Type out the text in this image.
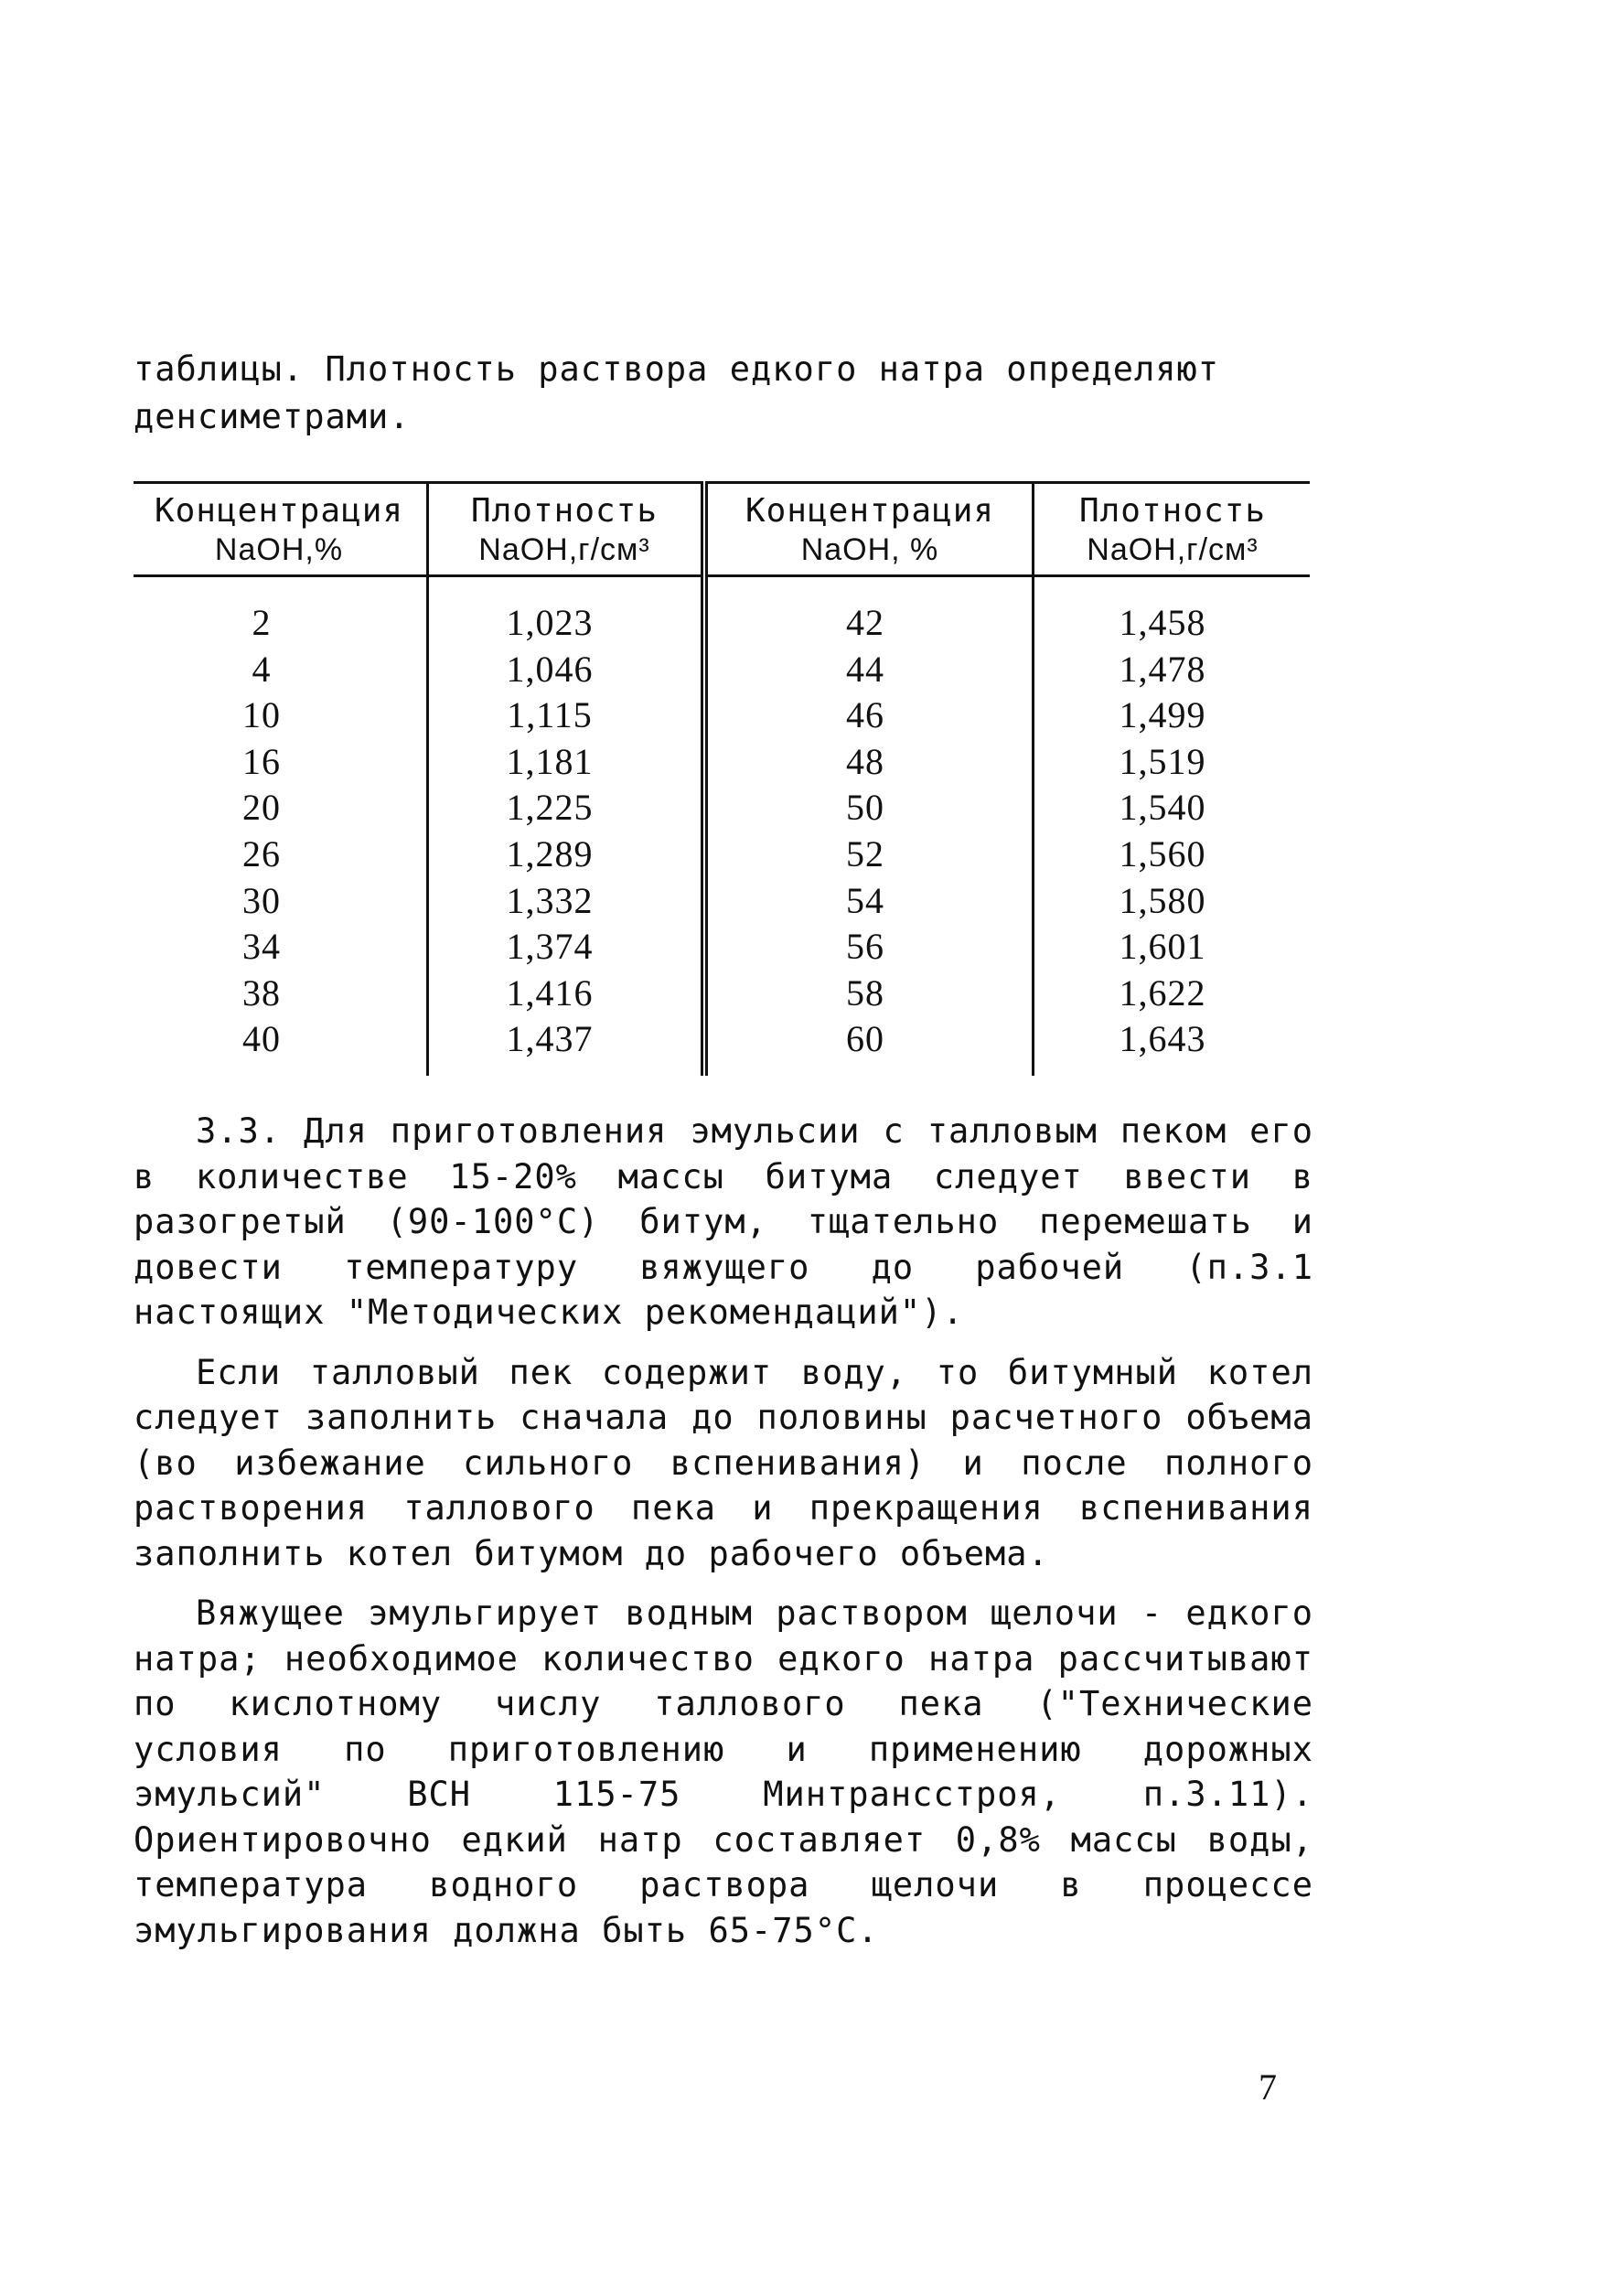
таблицы. Плотность раствора едкого натра определяют денсиметрами.

Концентрация
NaOH,%
Плотность
NaOH,г/см³
Концентрация
NaOH, %
Плотность
NaOH,г/см³
2
4
10
16
20
26
30
34
38
40
1,023
1,046
1,115
1,181
1,225
1,289
1,332
1,374
1,416
1,437
42
44
46
48
50
52
54
56
58
60
1,458
1,478
1,499
1,519
1,540
1,560
1,580
1,601
1,622
1,643

3.3. Для приготовления эмульсии с талловым пеком его в количестве 15-20% массы битума следует ввести в разогретый (90-100°С) битум, тщательно перемешать и довести температуру вяжущего до рабочей (п.3.1 настоящих "Методических рекомендаций").

Если талловый пек содержит воду, то битумный котел следует заполнить сначала до половины расчетного объема (во избежание сильного вспенивания) и после полного растворения таллового пека и прекращения вспенивания заполнить котел битумом до рабочего объема.

Вяжущее эмульгирует водным раствором щелочи - едкого натра; необходимое количество едкого натра рассчитывают по кислотному числу таллового пека ("Технические условия по приготовлению и применению дорожных эмульсий" ВСН 115-75 Минтрансстроя, п.3.11). Ориентировочно едкий натр составляет 0,8% массы воды, температура водного раствора щелочи в процессе эмульгирования должна быть 65-75°С.

7
